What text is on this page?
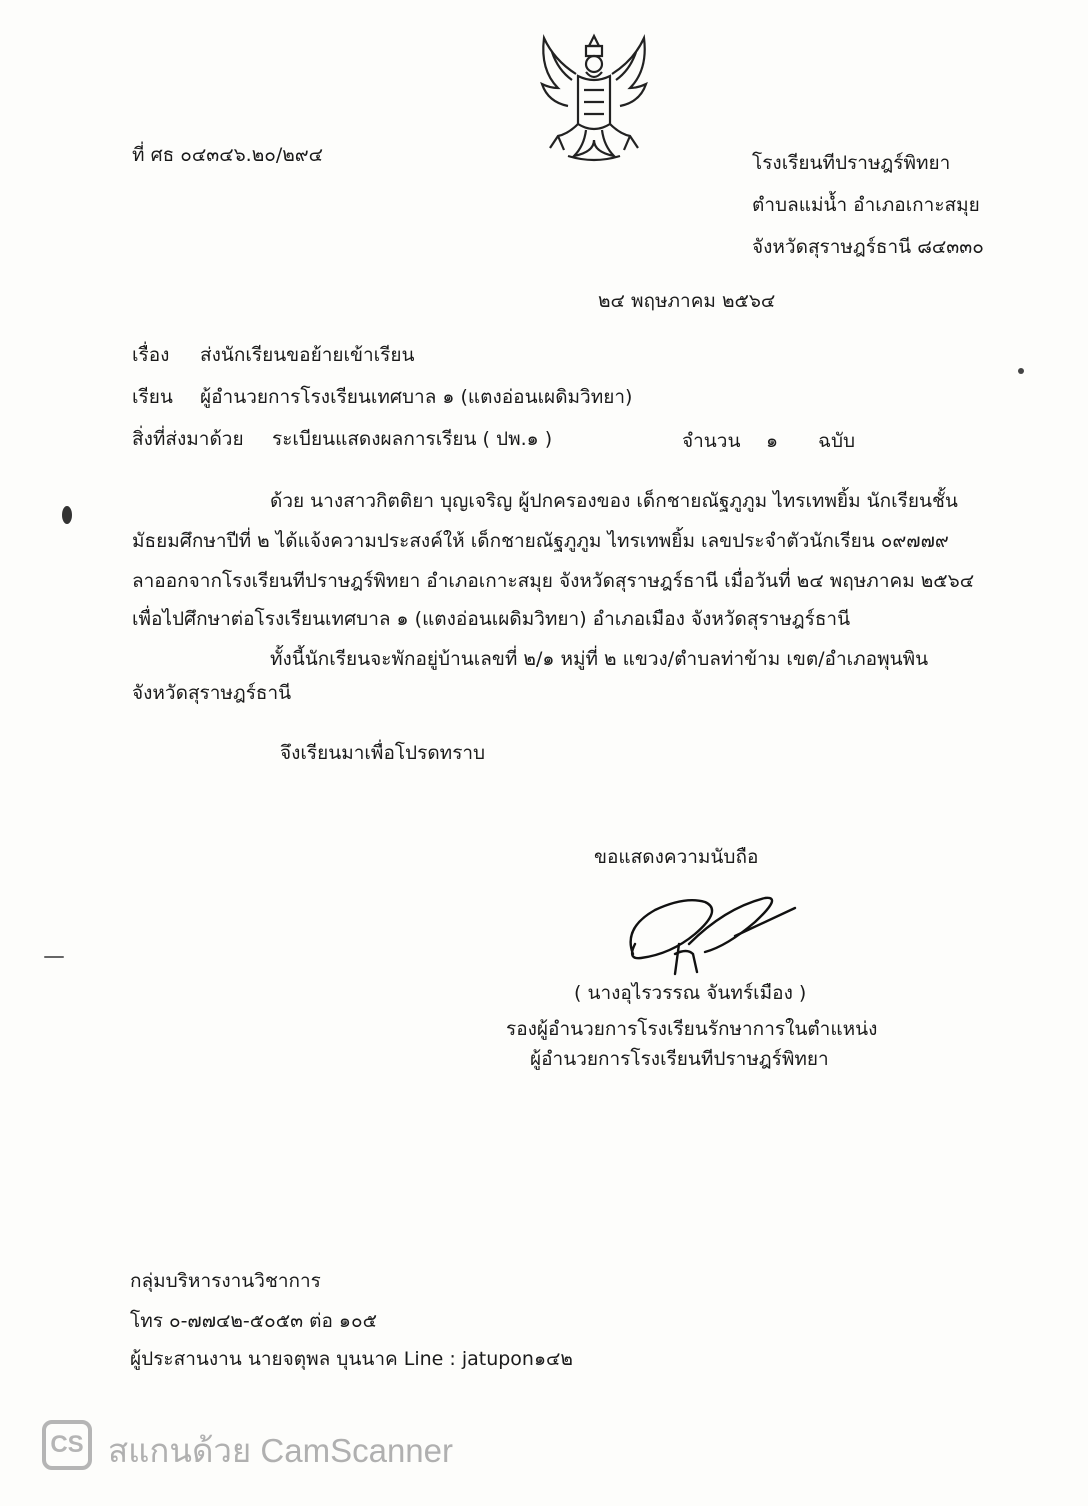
ที่ ศธ ๐๔๓๔๖.๒๐/๒๙๔	โรงเรียนทีปราษฎร์พิทยา
ตำบลแม่น้ำ อำเภอเกาะสมุย
จังหวัดสุราษฎร์ธานี ๘๔๓๓๐
๒๔ พฤษภาคม ๒๕๖๔
เรื่อง ส่งนักเรียนขอย้ายเข้าเรียน
เรียน ผู้อำนวยการโรงเรียนเทศบาล ๑ (แตงอ่อนเผดิมวิทยา)
สิ่งที่ส่งมาด้วย ระเบียนแสดงผลการเรียน ( ปพ.๑ )	จำนวน ๑ ฉบับ
ด้วย นางสาวกิตติยา บุญเจริญ ผู้ปกครองของ เด็กชายณัฐภูภูม ไทรเทพยิ้ม นักเรียนชั้น
มัธยมศึกษาปีที่ ๒ ได้แจ้งความประสงค์ให้ เด็กชายณัฐภูภูม ไทรเทพยิ้ม เลขประจำตัวนักเรียน ๐๙๗๗๙
ลาออกจากโรงเรียนทีปราษฎร์พิทยา อำเภอเกาะสมุย จังหวัดสุราษฎร์ธานี เมื่อวันที่ ๒๔ พฤษภาคม ๒๕๖๔
เพื่อไปศึกษาต่อโรงเรียนเทศบาล ๑ (แตงอ่อนเผดิมวิทยา) อำเภอเมือง จังหวัดสุราษฎร์ธานี
ทั้งนี้นักเรียนจะพักอยู่บ้านเลขที่ ๒/๑ หมู่ที่ ๒ แขวง/ตำบลท่าข้าม เขต/อำเภอพุนพิน
จังหวัดสุราษฎร์ธานี
จึงเรียนมาเพื่อโปรดทราบ
ขอแสดงความนับถือ
( นางอุไรวรรณ จันทร์เมือง )
รองผู้อำนวยการโรงเรียนรักษาการในตำแหน่ง
ผู้อำนวยการโรงเรียนทีปราษฎร์พิทยา
กลุ่มบริหารงานวิชาการ
โทร ๐-๗๗๔๒-๕๐๕๓ ต่อ ๑๐๕
ผู้ประสานงาน นายจตุพล บุนนาค Line : jatupon๑๔๒
CS สแกนด้วย CamScanner
